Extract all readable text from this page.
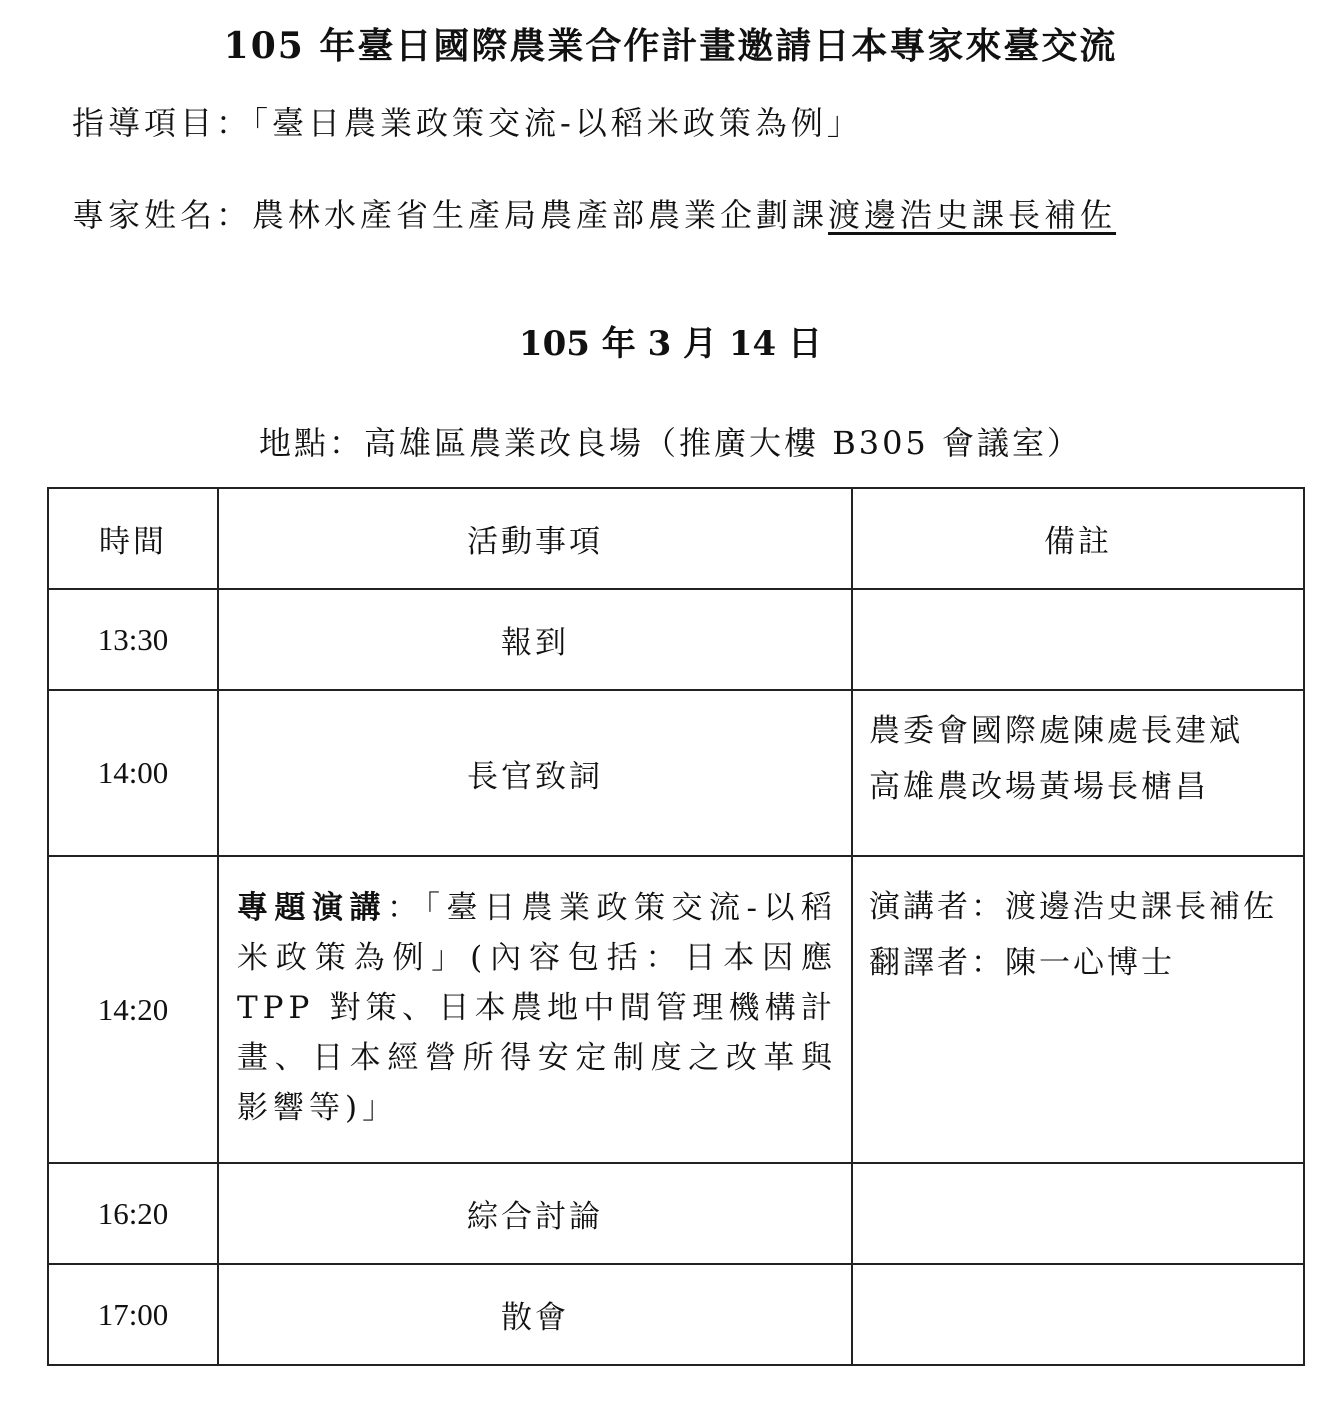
105 年臺日國際農業合作計畫邀請日本專家來臺交流
指導項目：「臺日農業政策交流-以稻米政策為例」
專家姓名：農林水產省生產局農產部農業企劃課渡邊浩史課長補佐
105 年 3 月 14 日
地點：高雄區農業改良場（推廣大樓 B305 會議室）
時間	活動事項	備註
13:30	報到	
14:00	長官致詞	農委會國際處陳處長建斌
高雄農改場黃場長榶昌

14:20	專題演講：「臺日農業政策交流-以稻米政策為例」(內容包括：日本因應 TPP 對策、日本農地中間管理機構計畫、日本經營所得安定制度之改革與影響等)」	演講者：渡邊浩史課長補佐
翻譯者：陳一心博士

16:20	綜合討論	
17:00	散會	
